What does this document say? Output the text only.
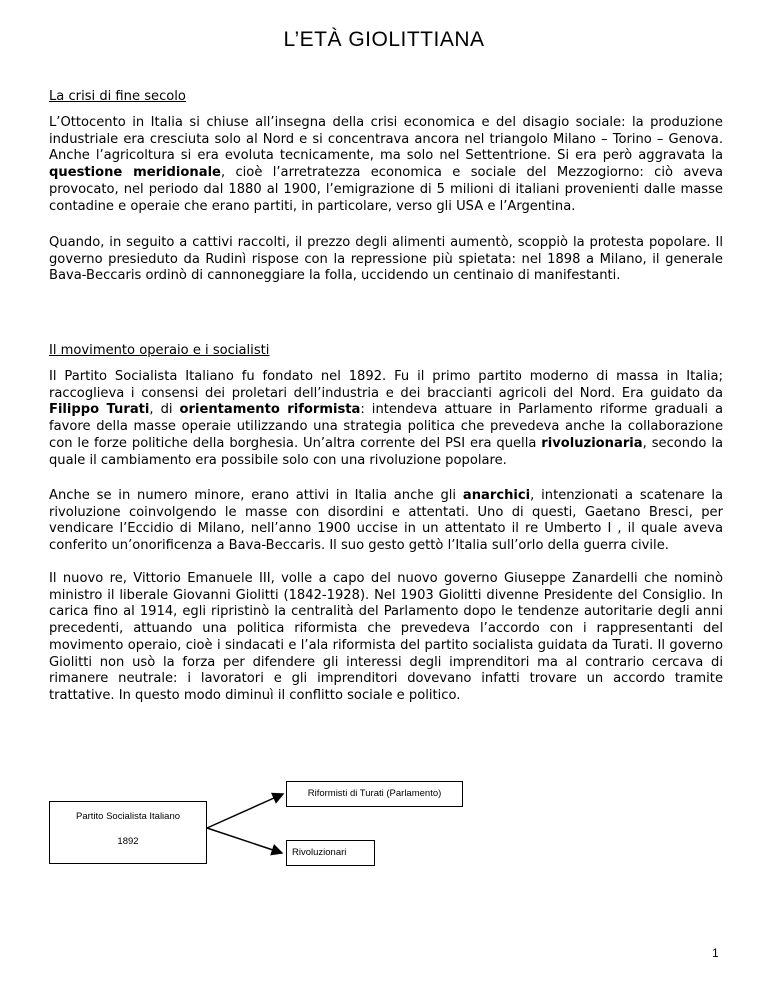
L’ETÀ GIOLITTIANA
La crisi di fine secolo

L’Ottocento in Italia si chiuse all’insegna della crisi economica e del disagio sociale: la produzione industriale era cresciuta solo al Nord e si concentrava ancora nel triangolo Milano – Torino – Genova. Anche l’agricoltura si era evoluta tecnicamente, ma solo nel Settentrione. Si era però aggravata la questione meridionale, cioè l’arretratezza economica e sociale del Mezzogiorno: ciò aveva provocato, nel periodo dal 1880 al 1900, l’emigrazione di 5 milioni di italiani provenienti dalle masse contadine e operaie che erano partiti, in particolare, verso gli USA e l’Argentina.

Quando, in seguito a cattivi raccolti, il prezzo degli alimenti aumentò, scoppiò la protesta popolare. Il governo presieduto da Rudinì rispose con la repressione più spietata: nel 1898 a Milano, il generale Bava-Beccaris ordinò di cannoneggiare la folla, uccidendo un centinaio di manifestanti.

Il movimento operaio e i socialisti

Il Partito Socialista Italiano fu fondato nel 1892. Fu il primo partito moderno di massa in Italia; raccoglieva i consensi dei proletari dell’industria e dei braccianti agricoli del Nord. Era guidato da Filippo Turati, di orientamento riformista: intendeva attuare in Parlamento riforme graduali a favore della masse operaie utilizzando una strategia politica che prevedeva anche la collaborazione con le forze politiche della borghesia. Un’altra corrente del PSI era quella rivoluzionaria, secondo la quale il cambiamento era possibile solo con una rivoluzione popolare.

Anche se in numero minore, erano attivi in Italia anche gli anarchici, intenzionati a scatenare la rivoluzione coinvolgendo le masse con disordini e attentati. Uno di questi, Gaetano Bresci, per vendicare l’Eccidio di Milano, nell’anno 1900 uccise in un attentato il re Umberto I , il quale aveva conferito un’onorificenza a Bava-Beccaris. Il suo gesto gettò l’Italia sull’orlo della guerra civile.

Il nuovo re, Vittorio Emanuele III, volle a capo del nuovo governo Giuseppe Zanardelli che nominò ministro il liberale Giovanni Giolitti (1842-1928). Nel 1903 Giolitti divenne Presidente del Consiglio. In carica fino al 1914, egli ripristinò la centralità del Parlamento dopo le tendenze autoritarie degli anni precedenti, attuando una politica riformista che prevedeva l’accordo con i rappresentanti del movimento operaio, cioè i sindacati e l’ala riformista del partito socialista guidata da Turati. Il governo Giolitti non usò la forza per difendere gli interessi degli imprenditori ma al contrario cercava di rimanere neutrale: i lavoratori e gli imprenditori dovevano infatti trovare un accordo tramite trattative. In questo modo diminuì il conflitto sociale e politico.

Partito Socialista Italiano
1892
Riformisti di Turati (Parlamento)
Rivoluzionari
1
